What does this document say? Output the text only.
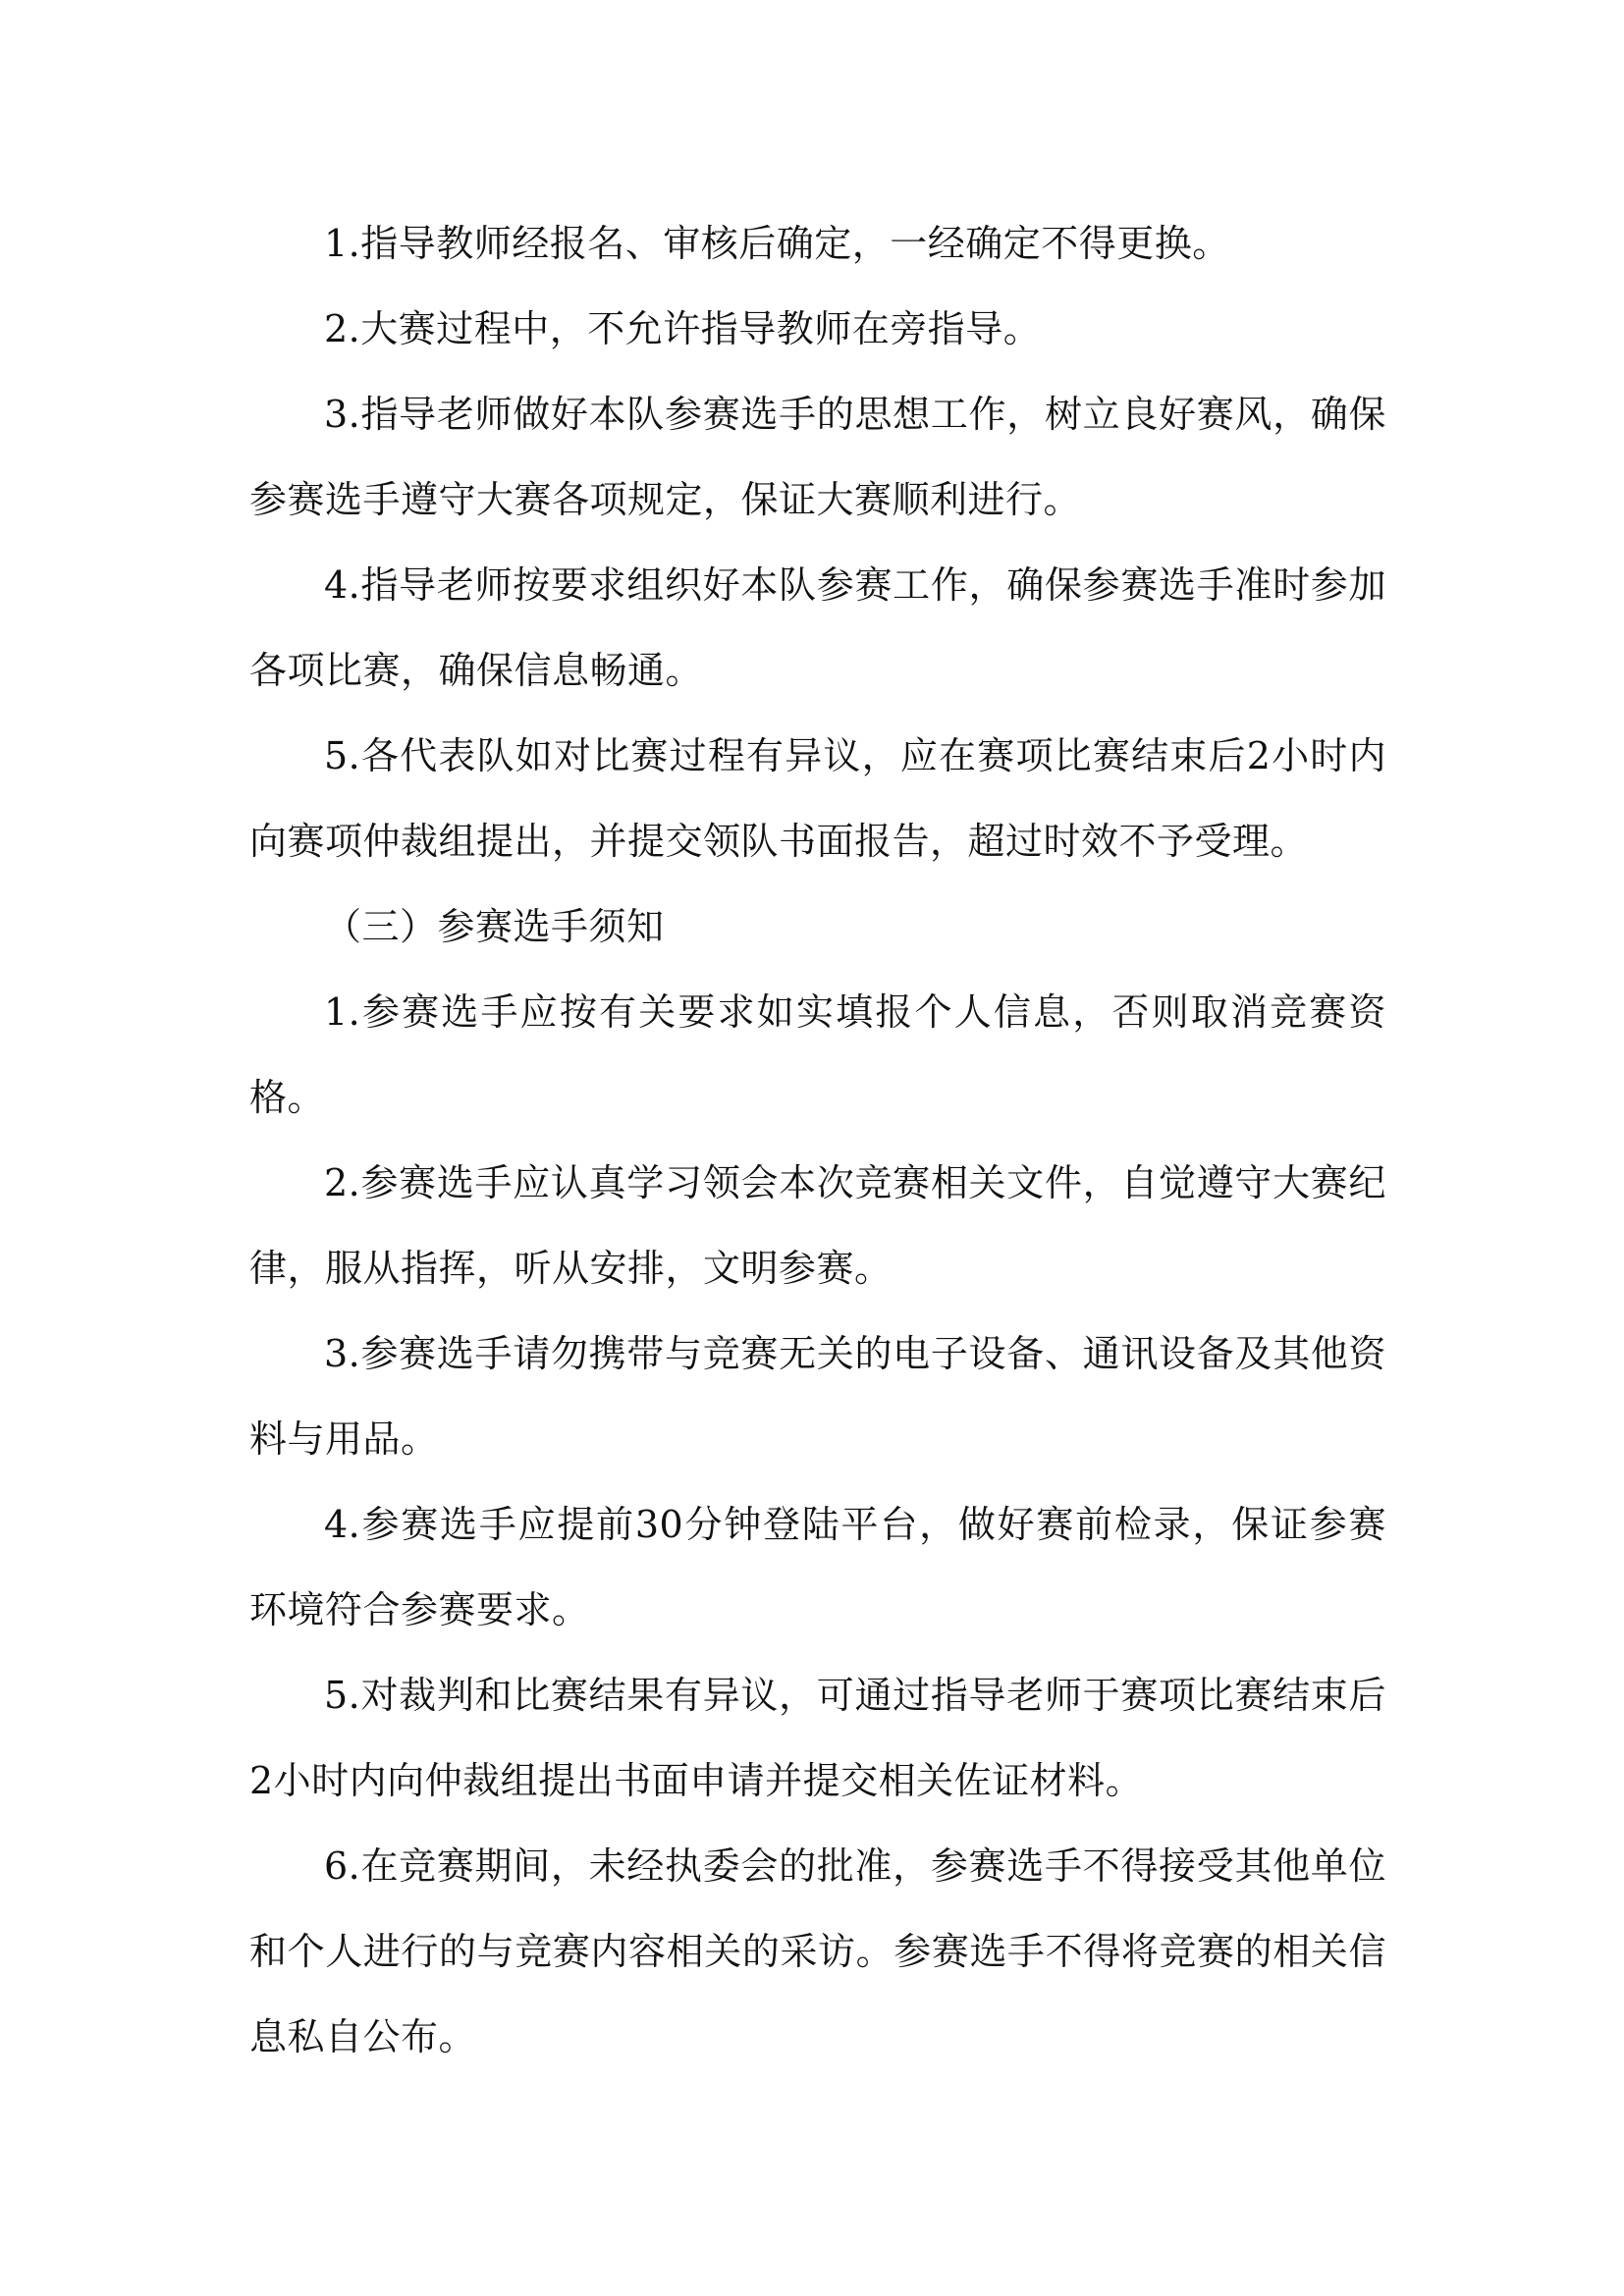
1.指导教师经报名、审核后确定，一经确定不得更换。

2.大赛过程中，不允许指导教师在旁指导。

3.指导老师做好本队参赛选手的思想工作，树立良好赛风，确保参赛选手遵守大赛各项规定，保证大赛顺利进行。

4.指导老师按要求组织好本队参赛工作，确保参赛选手准时参加各项比赛，确保信息畅通。

5.各代表队如对比赛过程有异议，应在赛项比赛结束后2小时内向赛项仲裁组提出，并提交领队书面报告，超过时效不予受理。

（三）参赛选手须知

1.参赛选手应按有关要求如实填报个人信息，否则取消竞赛资格。

2.参赛选手应认真学习领会本次竞赛相关文件，自觉遵守大赛纪律，服从指挥，听从安排，文明参赛。

3.参赛选手请勿携带与竞赛无关的电子设备、通讯设备及其他资料与用品。

4.参赛选手应提前30分钟登陆平台，做好赛前检录，保证参赛环境符合参赛要求。

5.对裁判和比赛结果有异议，可通过指导老师于赛项比赛结束后2小时内向仲裁组提出书面申请并提交相关佐证材料。

6.在竞赛期间，未经执委会的批准，参赛选手不得接受其他单位和个人进行的与竞赛内容相关的采访。参赛选手不得将竞赛的相关信息私自公布。
